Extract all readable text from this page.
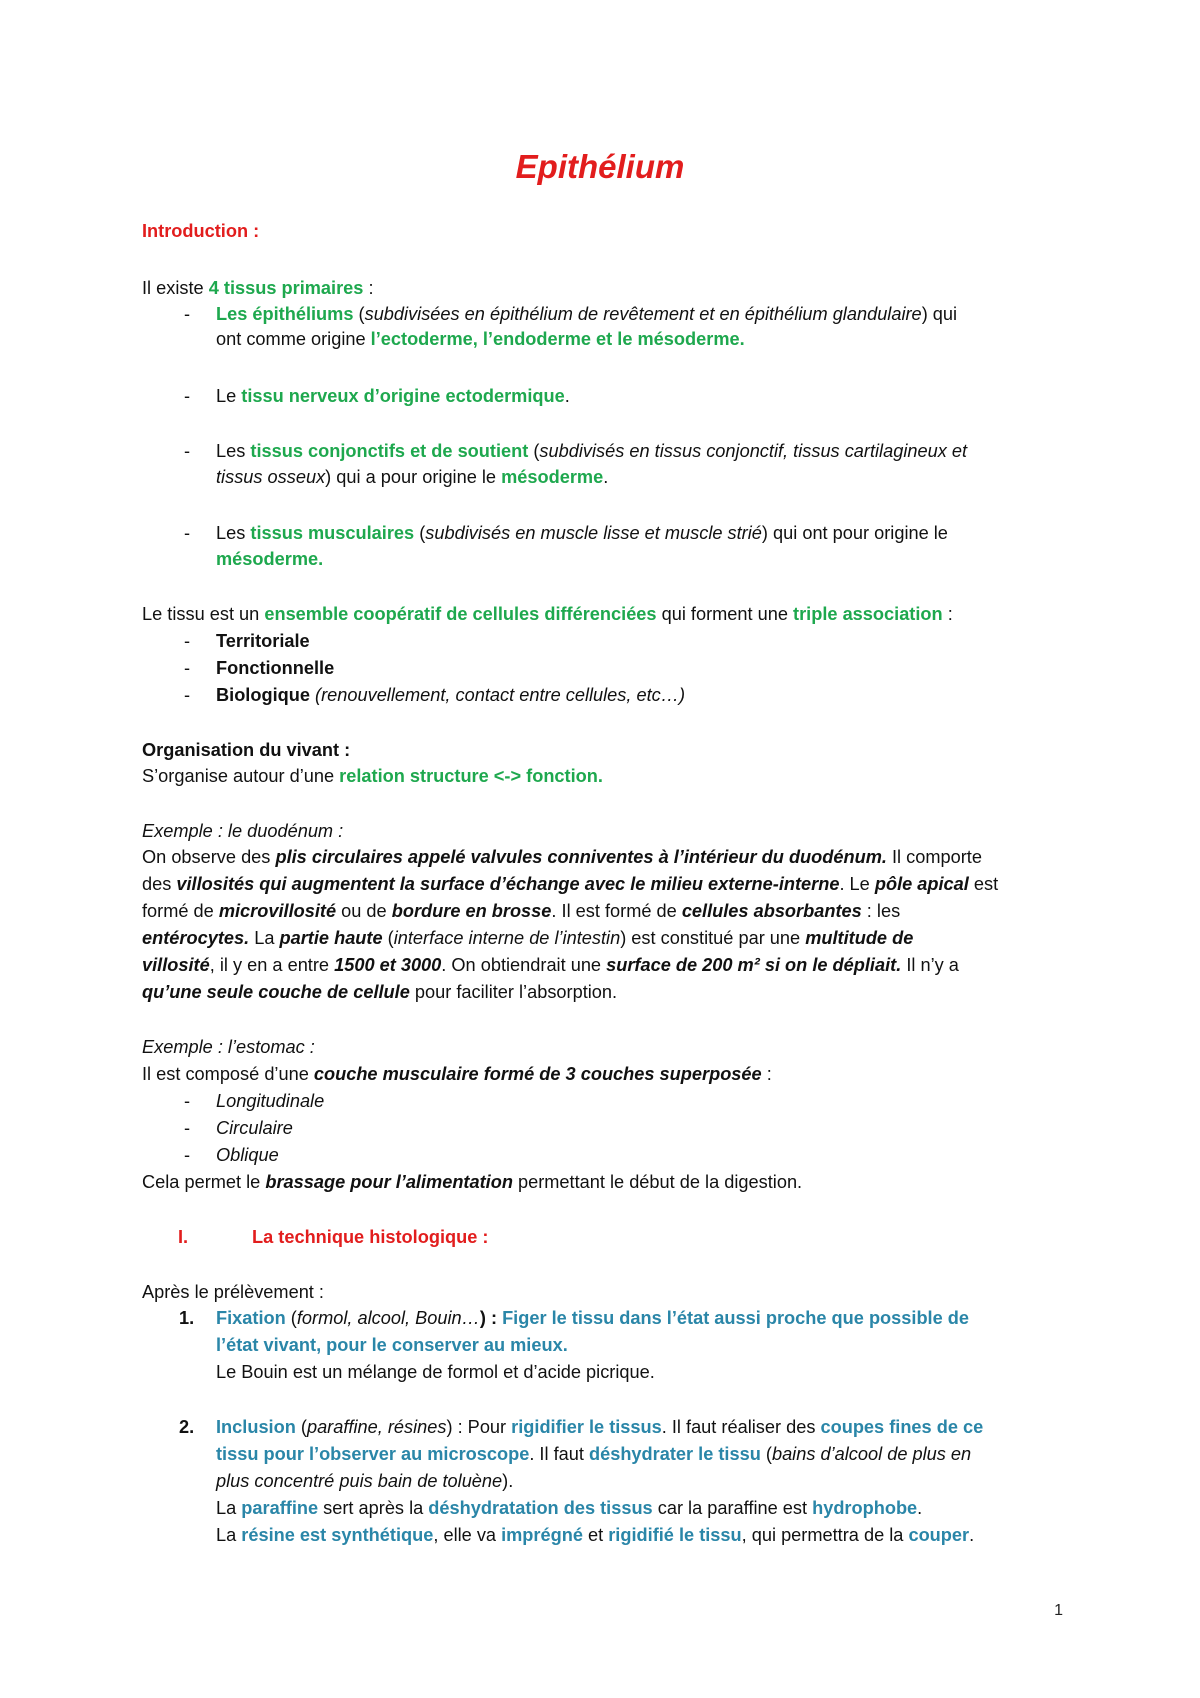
Epithélium
Introduction :
Il existe 4 tissus primaires :
- Les épithéliums (subdivisées en épithélium de revêtement et en épithélium glandulaire) qui
ont comme origine l’ectoderme, l’endoderme et le mésoderme.
- Le tissu nerveux d’origine ectodermique.
- Les tissus conjonctifs et de soutient (subdivisés en tissus conjonctif, tissus cartilagineux et
tissus osseux) qui a pour origine le mésoderme.
- Les tissus musculaires (subdivisés en muscle lisse et muscle strié) qui ont pour origine le
mésoderme.
Le tissu est un ensemble coopératif de cellules différenciées qui forment une triple association :
- Territoriale
- Fonctionnelle
- Biologique (renouvellement, contact entre cellules, etc…)
Organisation du vivant :
S’organise autour d’une relation structure <-> fonction.
Exemple : le duodénum :
On observe des plis circulaires appelé valvules conniventes à l’intérieur du duodénum. Il comporte
des villosités qui augmentent la surface d’échange avec le milieu externe-interne. Le pôle apical est
formé de microvillosité ou de bordure en brosse. Il est formé de cellules absorbantes : les
entérocytes. La partie haute (interface interne de l’intestin) est constitué par une multitude de
villosité, il y en a entre 1500 et 3000. On obtiendrait une surface de 200 m² si on le dépliait. Il n’y a
qu’une seule couche de cellule pour faciliter l’absorption.
Exemple : l’estomac :
Il est composé d’une couche musculaire formé de 3 couches superposée :
- Longitudinale
- Circulaire
- Oblique
Cela permet le brassage pour l’alimentation permettant le début de la digestion.
I.	La technique histologique :
Après le prélèvement :
1. Fixation (formol, alcool, Bouin…) : Figer le tissu dans l’état aussi proche que possible de
l’état vivant, pour le conserver au mieux.
Le Bouin est un mélange de formol et d’acide picrique.
2. Inclusion (paraffine, résines) : Pour rigidifier le tissus. Il faut réaliser des coupes fines de ce
tissu pour l’observer au microscope. Il faut déshydrater le tissu (bains d’alcool de plus en
plus concentré puis bain de toluène).
La paraffine sert après la déshydratation des tissus car la paraffine est hydrophobe.
La résine est synthétique, elle va imprégné et rigidifié le tissu, qui permettra de la couper.
1
